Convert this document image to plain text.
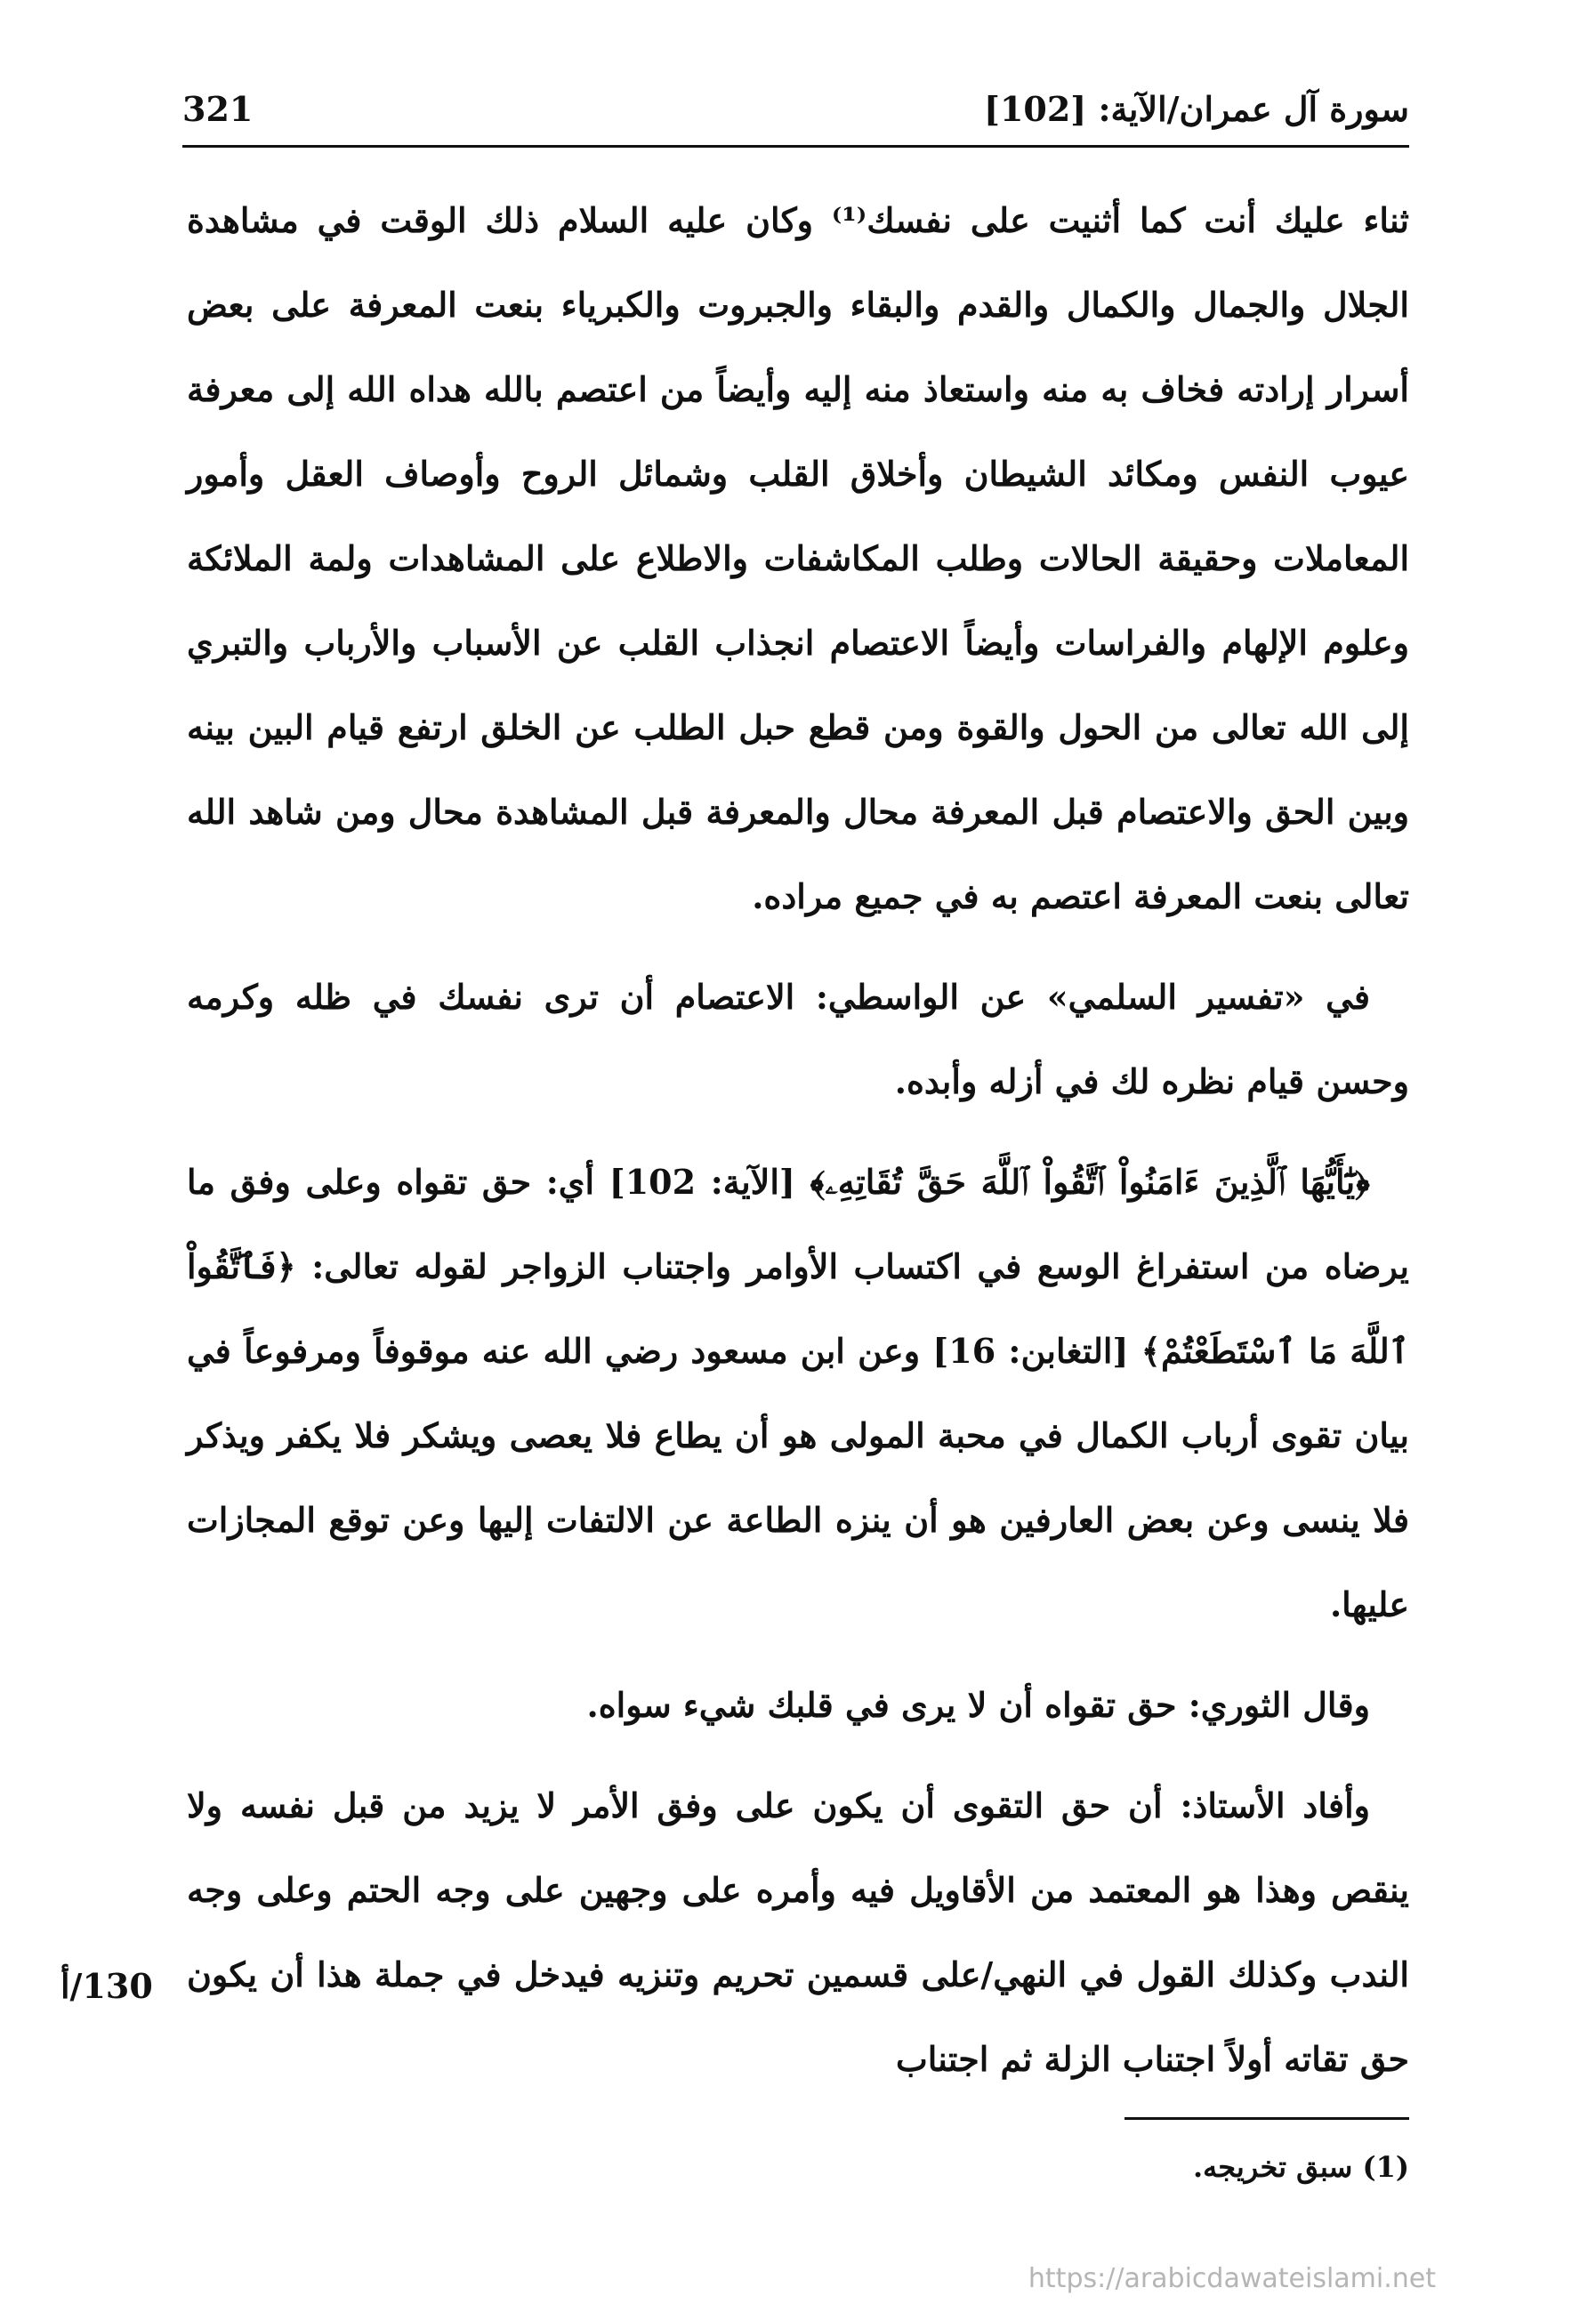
سورة آل عمران/الآية: [102]
321

ثناء عليك أنت كما أثنيت على نفسك⁽¹⁾ وكان عليه السلام ذلك الوقت في مشاهدة الجلال والجمال والكمال والقدم والبقاء والجبروت والكبرياء بنعت المعرفة على بعض أسرار إرادته فخاف به منه واستعاذ منه إليه وأيضاً من اعتصم بالله هداه الله إلى معرفة عيوب النفس ومكائد الشيطان وأخلاق القلب وشمائل الروح وأوصاف العقل وأمور المعاملات وحقيقة الحالات وطلب المكاشفات والاطلاع على المشاهدات ولمة الملائكة وعلوم الإلهام والفراسات وأيضاً الاعتصام انجذاب القلب عن الأسباب والأرباب والتبري إلى الله تعالى من الحول والقوة ومن قطع حبل الطلب عن الخلق ارتفع قيام البين بينه وبين الحق والاعتصام قبل المعرفة محال والمعرفة قبل المشاهدة محال ومن شاهد الله تعالى بنعت المعرفة اعتصم به في جميع مراده.

في «تفسير السلمي» عن الواسطي: الاعتصام أن ترى نفسك في ظله وكرمه وحسن قيام نظره لك في أزله وأبده.

﴿يَٰٓأَيُّهَا ٱلَّذِينَ ءَامَنُواْ ٱتَّقُواْ ٱللَّهَ حَقَّ تُقَاتِهِۦ﴾ [الآية: 102] أي: حق تقواه وعلى وفق ما يرضاه من استفراغ الوسع في اكتساب الأوامر واجتناب الزواجر لقوله تعالى: ﴿فَٱتَّقُواْ ٱللَّهَ مَا ٱسْتَطَعْتُمْ﴾ [التغابن: 16] وعن ابن مسعود رضي الله عنه موقوفاً ومرفوعاً في بيان تقوى أرباب الكمال في محبة المولى هو أن يطاع فلا يعصى ويشكر فلا يكفر ويذكر فلا ينسى وعن بعض العارفين هو أن ينزه الطاعة عن الالتفات إليها وعن توقع المجازات عليها.

وقال الثوري: حق تقواه أن لا يرى في قلبك شيء سواه.

وأفاد الأستاذ: أن حق التقوى أن يكون على وفق الأمر لا يزيد من قبل نفسه ولا ينقص وهذا هو المعتمد من الأقاويل فيه وأمره على وجهين على وجه الحتم وعلى وجه الندب وكذلك القول في النهي/على قسمين تحريم وتنزيه فيدخل في جملة هذا أن يكون حق تقاته أولاً اجتناب الزلة ثم اجتناب

130/أ
(1) سبق تخريجه.
https://arabicdawateislami.net
